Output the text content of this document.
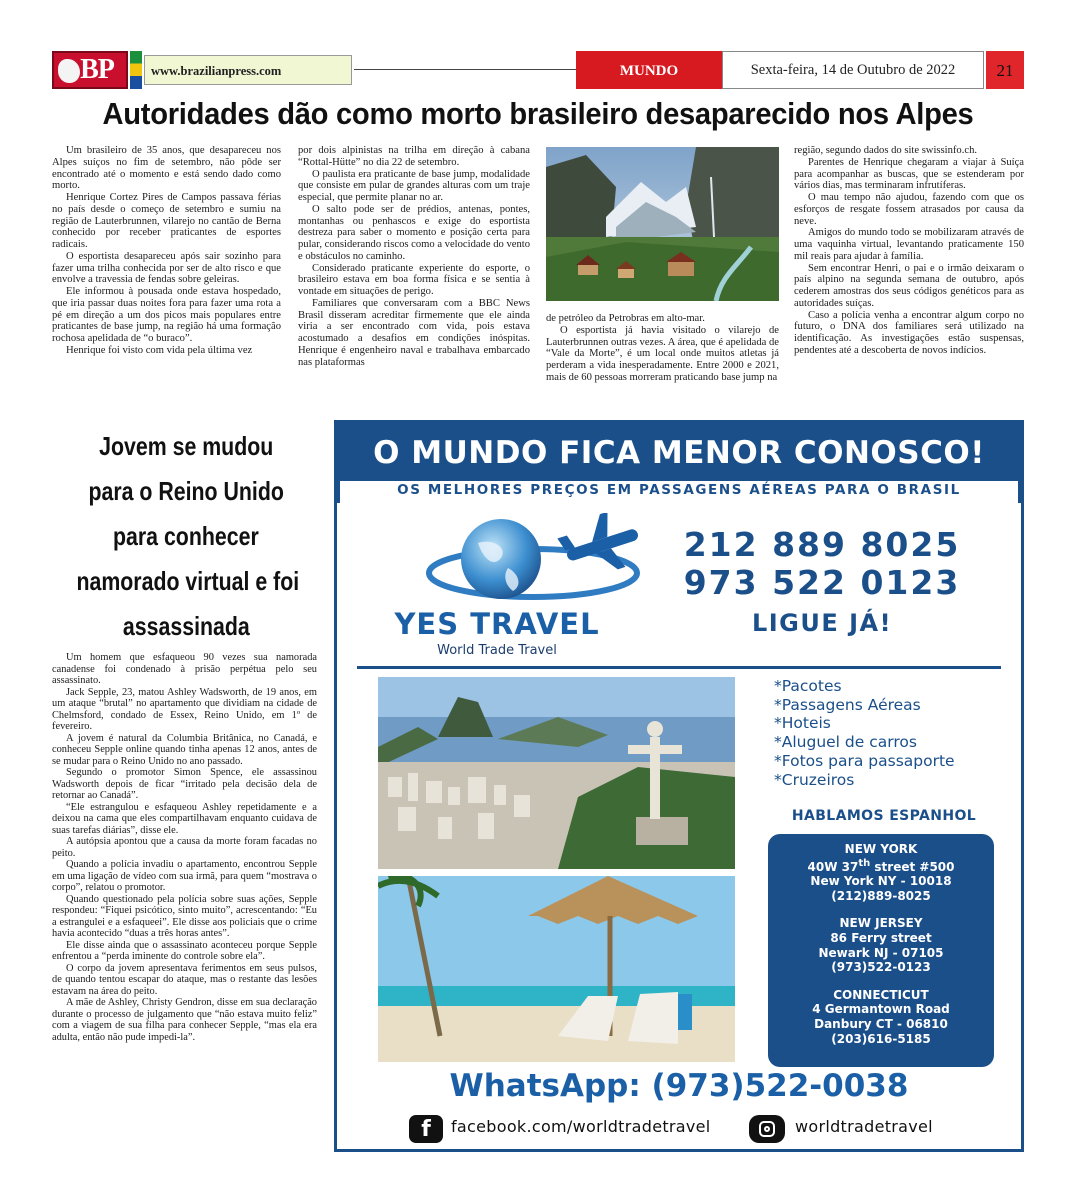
BP	www.brazilianpress.com	MUNDO	Sexta-feira, 14 de Outubro de 2022	21
Autoridades dão como morto brasileiro desaparecido nos Alpes

Um brasileiro de 35 anos, que desapareceu nos Alpes suíços no fim de setembro, não pôde ser encontrado até o momento e está sendo dado como morto.

Henrique Cortez Pires de Campos passava férias no país desde o começo de setembro e sumiu na região de Lauterbrunnen, vilarejo no cantão de Berna conhecido por receber praticantes de esportes radicais.

O esportista desapareceu após sair sozinho para fazer uma trilha conhecida por ser de alto risco e que envolve a travessia de fendas sobre geleiras.

Ele informou à pousada onde estava hospedado, que iria passar duas noites fora para fazer uma rota a pé em direção a um dos picos mais populares entre praticantes de base jump, na região há uma formação rochosa apelidada de “o buraco”.

Henrique foi visto com vida pela última vez

por dois alpinistas na trilha em direção à cabana “Rottal-Hütte” no dia 22 de setembro.

O paulista era praticante de base jump, modalidade que consiste em pular de grandes alturas com um traje especial, que permite planar no ar.

O salto pode ser de prédios, antenas, pontes, montanhas ou penhascos e exige do esportista destreza para saber o momento e posição certa para pular, considerando riscos como a velocidade do vento e obstáculos no caminho.

Considerado praticante experiente do esporte, o brasileiro estava em boa forma física e se sentia à vontade em situações de perigo.

Familiares que conversaram com a BBC News Brasil disseram acreditar firmemente que ele ainda viria a ser encontrado com vida, pois estava acostumado a desafios em condições inóspitas. Henrique é engenheiro naval e trabalhava embarcado nas plataformas

de petróleo da Petrobras em alto-mar.

O esportista já havia visitado o vilarejo de Lauterbrunnen outras vezes. A área, que é apelidada de “Vale da Morte”, é um local onde muitos atletas já perderam a vida inesperadamente. Entre 2000 e 2021, mais de 60 pessoas morreram praticando base jump na

região, segundo dados do site swissinfo.ch.

Parentes de Henrique chegaram a viajar à Suíça para acompanhar as buscas, que se estenderam por vários dias, mas terminaram infrutíferas.

O mau tempo não ajudou, fazendo com que os esforços de resgate fossem atrasados por causa da neve.

Amigos do mundo todo se mobilizaram através de uma vaquinha virtual, levantando praticamente 150 mil reais para ajudar à família.

Sem encontrar Henri, o pai e o irmão deixaram o país alpino na segunda semana de outubro, após cederem amostras dos seus códigos genéticos para as autoridades suíças.

Caso a polícia venha a encontrar algum corpo no futuro, o DNA dos familiares será utilizado na identificação. As investigações estão suspensas, pendentes até a descoberta de novos indícios.

Jovem se mudou
para o Reino Unido
para conhecer
namorado virtual e foi
assassinada

Um homem que esfaqueou 90 vezes sua namorada canadense foi condenado à prisão perpétua pelo seu assassinato.

Jack Sepple, 23, matou Ashley Wadsworth, de 19 anos, em um ataque “brutal” no apartamento que dividiam na cidade de Chelmsford, condado de Essex, Reino Unido, em 1º de fevereiro.

A jovem é natural da Columbia Britânica, no Canadá, e conheceu Sepple online quando tinha apenas 12 anos, antes de se mudar para o Reino Unido no ano passado.

Segundo o promotor Simon Spence, ele assassinou Wadsworth depois de ficar “irritado pela decisão dela de retornar ao Canadá”.

“Ele estrangulou e esfaqueou Ashley repetidamente e a deixou na cama que eles compartilhavam enquanto cuidava de suas tarefas diárias”, disse ele.

A autópsia apontou que a causa da morte foram facadas no peito.

Quando a polícia invadiu o apartamento, encontrou Sepple em uma ligação de vídeo com sua irmã, para quem “mostrava o corpo”, relatou o promotor.

Quando questionado pela polícia sobre suas ações, Sepple respondeu: “Fiquei psicótico, sinto muito”, acrescentando: “Eu a estrangulei e a esfaqueei”. Ele disse aos policiais que o crime havia acontecido “duas a três horas antes”.

Ele disse ainda que o assassinato aconteceu porque Sepple enfrentou a “perda iminente do controle sobre ela”.

O corpo da jovem apresentava ferimentos em seus pulsos, de quando tentou escapar do ataque, mas o restante das lesões estavam na área do peito.

A mãe de Ashley, Christy Gendron, disse em sua declaração durante o processo de julgamento que “não estava muito feliz” com a viagem de sua filha para conhecer Sepple, “mas ela era adulta, então não pude impedi-la”.

O MUNDO FICA MENOR CONOSCO!
OS MELHORES PREÇOS EM PASSAGENS AÉREAS PARA O BRASIL
YES TRAVEL
World Trade Travel
212 889 8025
973 522 0123
LIGUE JÁ!
*Pacotes
*Passagens Aéreas
*Hoteis
*Aluguel de carros
*Fotos para passaporte
*Cruzeiros
HABLAMOS ESPANHOL
NEW YORK
40W 37th street #500
New York NY - 10018
(212)889-8025
NEW JERSEY
86 Ferry street
Newark NJ - 07105
(973)522-0123
CONNECTICUT
4 Germantown Road
Danbury CT - 06810
(203)616-5185
WhatsApp: (973)522-0038
f	facebook.com/worldtradetravel	worldtradetravel
